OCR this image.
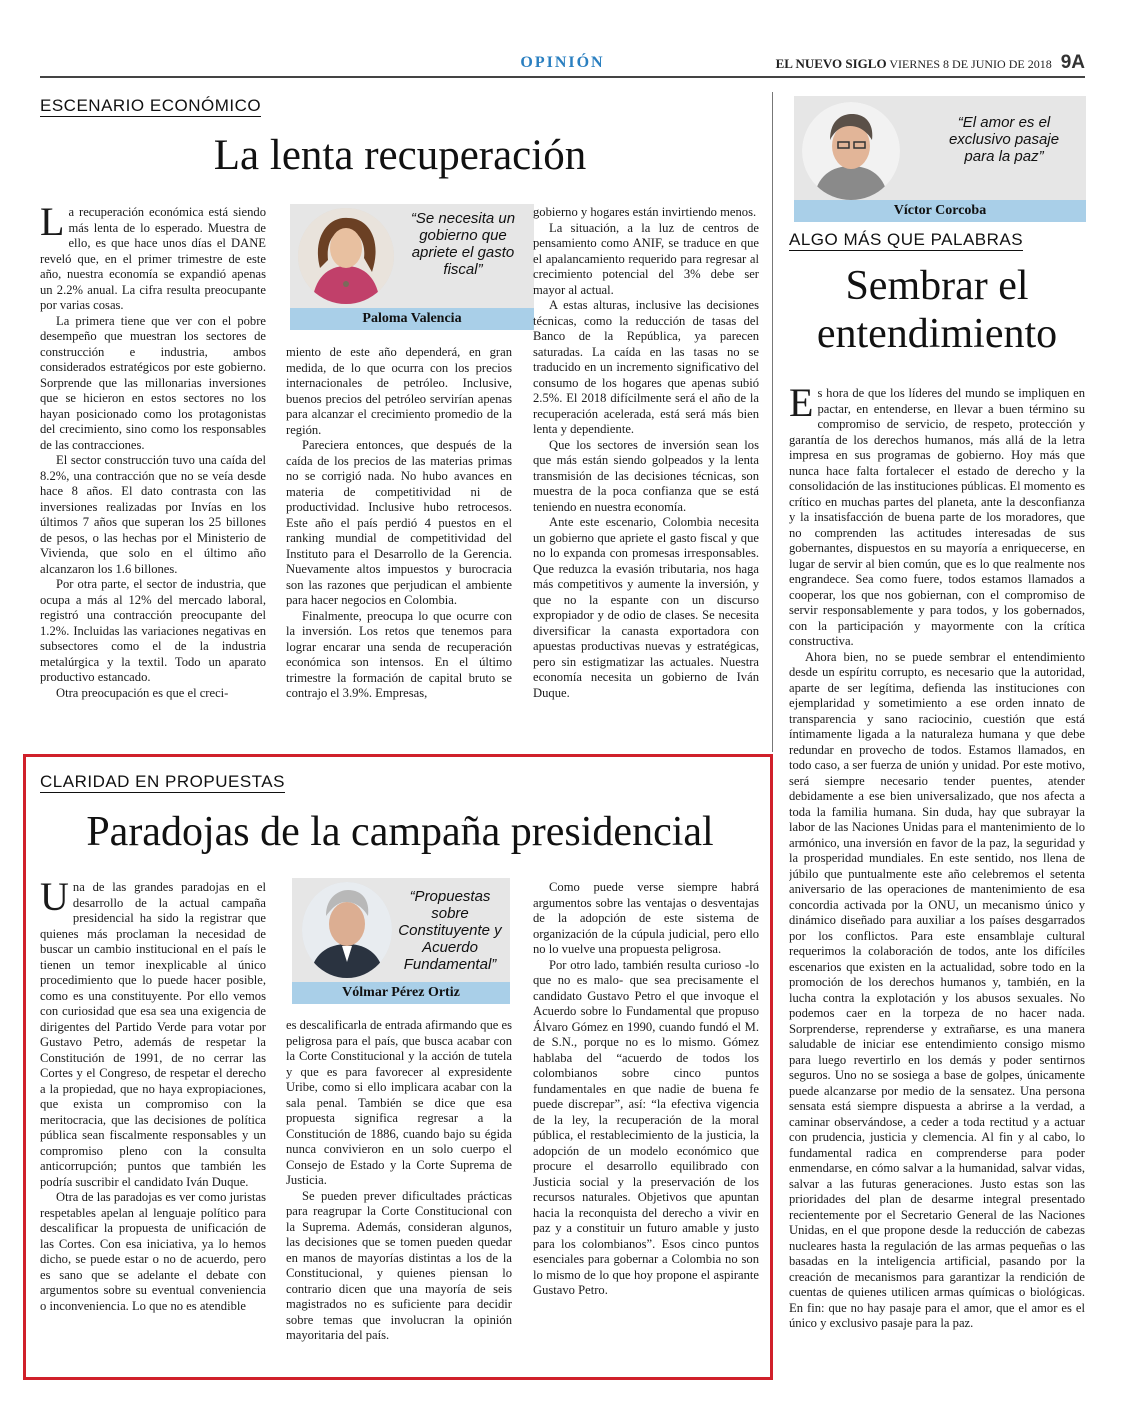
OPINIÓN	EL NUEVO SIGLO VIERNES 8 DE JUNIO DE 2018 9A
ESCENARIO ECONÓMICO
La lenta recuperación
L a recuperación económica está siendo más lenta de lo esperado. Muestra de ello, es que hace unos días el DANE reveló que, en el primer trimestre de este año, nuestra economía se expandió apenas un 2.2% anual. La cifra resulta preocupante por varias cosas.

La primera tiene que ver con el pobre desempeño que muestran los sectores de construcción e industria, ambos considerados estratégicos por este gobierno. Sorprende que las millonarias inversiones que se hicieron en estos sectores no los hayan posicionado como los protagonistas del crecimiento, sino como los responsables de las contracciones.

El sector construcción tuvo una caída del 8.2%, una contracción que no se veía desde hace 8 años. El dato contrasta con las inversiones realizadas por Invías en los últimos 7 años que superan los 25 billones de pesos, o las hechas por el Ministerio de Vivienda, que solo en el último año alcanzaron los 1.6 billones.

Por otra parte, el sector de industria, que ocupa a más al 12% del mercado laboral, registró una contracción preocupante del 1.2%. Incluidas las variaciones negativas en subsectores como el de la industria metalúrgica y la textil. Todo un aparato productivo estancado.

Otra preocupación es que el creci-

“Se necesita un gobierno que apriete el gasto fiscal”
Paloma Valencia

miento de este año dependerá, en gran medida, de lo que ocurra con los precios internacionales de petróleo. Inclusive, buenos precios del petróleo servirían apenas para alcanzar el crecimiento promedio de la región.

Pareciera entonces, que después de la caída de los precios de las materias primas no se corrigió nada. No hubo avances en materia de competitividad ni de productividad. Inclusive hubo retrocesos. Este año el país perdió 4 puestos en el ranking mundial de competitividad del Instituto para el Desarrollo de la Gerencia. Nuevamente altos impuestos y burocracia son las razones que perjudican el ambiente para hacer negocios en Colombia.

Finalmente, preocupa lo que ocurre con la inversión. Los retos que tenemos para lograr encarar una senda de recuperación económica son intensos. En el último trimestre la formación de capital bruto se contrajo el 3.9%. Empresas,

gobierno y hogares están invirtiendo menos.

La situación, a la luz de centros de pensamiento como ANIF, se traduce en que el apalancamiento requerido para regresar al crecimiento potencial del 3% debe ser mayor al actual.

A estas alturas, inclusive las decisiones técnicas, como la reducción de tasas del Banco de la República, ya parecen saturadas. La caída en las tasas no se traducido en un incremento significativo del consumo de los hogares que apenas subió 2.5%. El 2018 difícilmente será el año de la recuperación acelerada, está será más bien lenta y dependiente.

Que los sectores de inversión sean los que más están siendo golpeados y la lenta transmisión de las decisiones técnicas, son muestra de la poca confianza que se está teniendo en nuestra economía.

Ante este escenario, Colombia necesita un gobierno que apriete el gasto fiscal y que no lo expanda con promesas irresponsables. Que reduzca la evasión tributaria, nos haga más competitivos y aumente la inversión, y que no la espante con un discurso expropiador y de odio de clases. Se necesita diversificar la canasta exportadora con apuestas productivas nuevas y estratégicas, pero sin estigmatizar las actuales. Nuestra economía necesita un gobierno de Iván Duque.

“El amor es el exclusivo pasaje para la paz”
Víctor Corcoba
ALGO MÁS QUE PALABRAS
Sembrar el
entendimiento
E s hora de que los líderes del mundo se impliquen en pactar, en entenderse, en llevar a buen término su compromiso de servicio, de respeto, protección y garantía de los derechos humanos, más allá de la letra impresa en sus programas de gobierno. Hoy más que nunca hace falta fortalecer el estado de derecho y la consolidación de las instituciones públicas. El momento es crítico en muchas partes del planeta, ante la desconfianza y la insatisfacción de buena parte de los moradores, que no comprenden las actitudes interesadas de sus gobernantes, dispuestos en su mayoría a enriquecerse, en lugar de servir al bien común, que es lo que realmente nos engrandece. Sea como fuere, todos estamos llamados a cooperar, los que nos gobiernan, con el compromiso de servir responsablemente y para todos, y los gobernados, con la participación y mayormente con la crítica constructiva.

Ahora bien, no se puede sembrar el entendimiento desde un espíritu corrupto, es necesario que la autoridad, aparte de ser legítima, defienda las instituciones con ejemplaridad y sometimiento a ese orden innato de transparencia y sano raciocinio, cuestión que está íntimamente ligada a la naturaleza humana y que debe redundar en provecho de todos. Estamos llamados, en todo caso, a ser fuerza de unión y unidad. Por este motivo, será siempre necesario tender puentes, atender debidamente a ese bien universalizado, que nos afecta a toda la familia humana. Sin duda, hay que subrayar la labor de las Naciones Unidas para el mantenimiento de lo armónico, una inversión en favor de la paz, la seguridad y la prosperidad mundiales. En este sentido, nos llena de júbilo que puntualmente este año celebremos el setenta aniversario de las operaciones de mantenimiento de esa concordia activada por la ONU, un mecanismo único y dinámico diseñado para auxiliar a los países desgarrados por los conflictos. Para este ensamblaje cultural requerimos la colaboración de todos, ante los difíciles escenarios que existen en la actualidad, sobre todo en la promoción de los derechos humanos y, también, en la lucha contra la explotación y los abusos sexuales. No podemos caer en la torpeza de no hacer nada. Sorprenderse, reprenderse y extrañarse, es una manera saludable de iniciar ese entendimiento consigo mismo para luego revertirlo en los demás y poder sentirnos seguros. Uno no se sosiega a base de golpes, únicamente puede alcanzarse por medio de la sensatez. Una persona sensata está siempre dispuesta a abrirse a la verdad, a caminar observándose, a ceder a toda rectitud y a actuar con prudencia, justicia y clemencia. Al fin y al cabo, lo fundamental radica en comprenderse para poder enmendarse, en cómo salvar a la humanidad, salvar vidas, salvar a las futuras generaciones. Justo estas son las prioridades del plan de desarme integral presentado recientemente por el Secretario General de las Naciones Unidas, en el que propone desde la reducción de cabezas nucleares hasta la regulación de las armas pequeñas o las basadas en la inteligencia artificial, pasando por la creación de mecanismos para garantizar la rendición de cuentas de quienes utilicen armas químicas o biológicas. En fin: que no hay pasaje para el amor, que el amor es el único y exclusivo pasaje para la paz.

CLARIDAD EN PROPUESTAS
Paradojas de la campaña presidencial
U na de las grandes paradojas en el desarrollo de la actual campaña presidencial ha sido la registrar que quienes más proclaman la necesidad de buscar un cambio institucional en el país le tienen un temor inexplicable al único procedimiento que lo puede hacer posible, como es una constituyente. Por ello vemos con curiosidad que esa sea una exigencia de dirigentes del Partido Verde para votar por Gustavo Petro, además de respetar la Constitución de 1991, de no cerrar las Cortes y el Congreso, de respetar el derecho a la propiedad, que no haya expropiaciones, que exista un compromiso con la meritocracia, que las decisiones de política pública sean fiscalmente responsables y un compromiso pleno con la consulta anticorrupción; puntos que también les podría suscribir el candidato Iván Duque.

Otra de las paradojas es ver como juristas respetables apelan al lenguaje político para descalificar la propuesta de unificación de las Cortes. Con esa iniciativa, ya lo hemos dicho, se puede estar o no de acuerdo, pero es sano que se adelante el debate con argumentos sobre su eventual conveniencia o inconveniencia. Lo que no es atendible

“Propuestas sobre Constituyente y Acuerdo Fundamental”
Vólmar Pérez Ortiz

es descalificarla de entrada afirmando que es peligrosa para el país, que busca acabar con la Corte Constitucional y la acción de tutela y que es para favorecer al expresidente Uribe, como si ello implicara acabar con la sala penal. También se dice que esa propuesta significa regresar a la Constitución de 1886, cuando bajo su égida nunca convivieron en un solo cuerpo el Consejo de Estado y la Corte Suprema de Justicia.

Se pueden prever dificultades prácticas para reagrupar la Corte Constitucional con la Suprema. Además, consideran algunos, las decisiones que se tomen pueden quedar en manos de mayorías distintas a los de la Constitucional, y quienes piensan lo contrario dicen que una mayoría de seis magistrados no es suficiente para decidir sobre temas que involucran la opinión mayoritaria del país.

Como puede verse siempre habrá argumentos sobre las ventajas o desventajas de la adopción de este sistema de organización de la cúpula judicial, pero ello no lo vuelve una propuesta peligrosa.

Por otro lado, también resulta curioso -lo que no es malo- que sea precisamente el candidato Gustavo Petro el que invoque el Acuerdo sobre lo Fundamental que propuso Álvaro Gómez en 1990, cuando fundó el M. de S.N., porque no es lo mismo. Gómez hablaba del “acuerdo de todos los colombianos sobre cinco puntos fundamentales en que nadie de buena fe puede discrepar”, así: “la efectiva vigencia de la ley, la recuperación de la moral pública, el restablecimiento de la justicia, la adopción de un modelo económico que procure el desarrollo equilibrado con Justicia social y la preservación de los recursos naturales. Objetivos que apuntan hacia la reconquista del derecho a vivir en paz y a constituir un futuro amable y justo para los colombianos”. Esos cinco puntos esenciales para gobernar a Colombia no son lo mismo de lo que hoy propone el aspirante Gustavo Petro.
